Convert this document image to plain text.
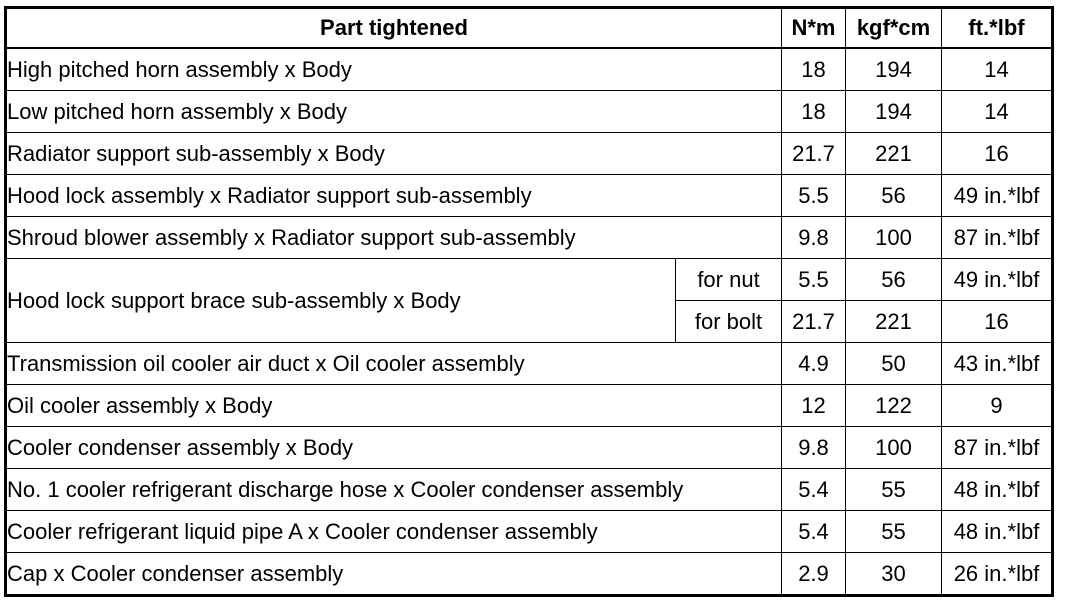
Part tightened		N*m	kgf*cm	ft.*lbf
High pitched horn assembly x Body		18	194	14
Low pitched horn assembly x Body		18	194	14
Radiator support sub-assembly x Body		21.7	221	16
Hood lock assembly x Radiator support sub-assembly		5.5	56	49 in.*lbf
Shroud blower assembly x Radiator support sub-assembly		9.8	100	87 in.*lbf
Hood lock support brace sub-assembly x Body	for nut	5.5	56	49 in.*lbf
	for bolt	21.7	221	16
Transmission oil cooler air duct x Oil cooler assembly		4.9	50	43 in.*lbf
Oil cooler assembly x Body		12	122	9
Cooler condenser assembly x Body		9.8	100	87 in.*lbf
No. 1 cooler refrigerant discharge hose x Cooler condenser assembly		5.4	55	48 in.*lbf
Cooler refrigerant liquid pipe A x Cooler condenser assembly		5.4	55	48 in.*lbf
Cap x Cooler condenser assembly		2.9	30	26 in.*lbf
